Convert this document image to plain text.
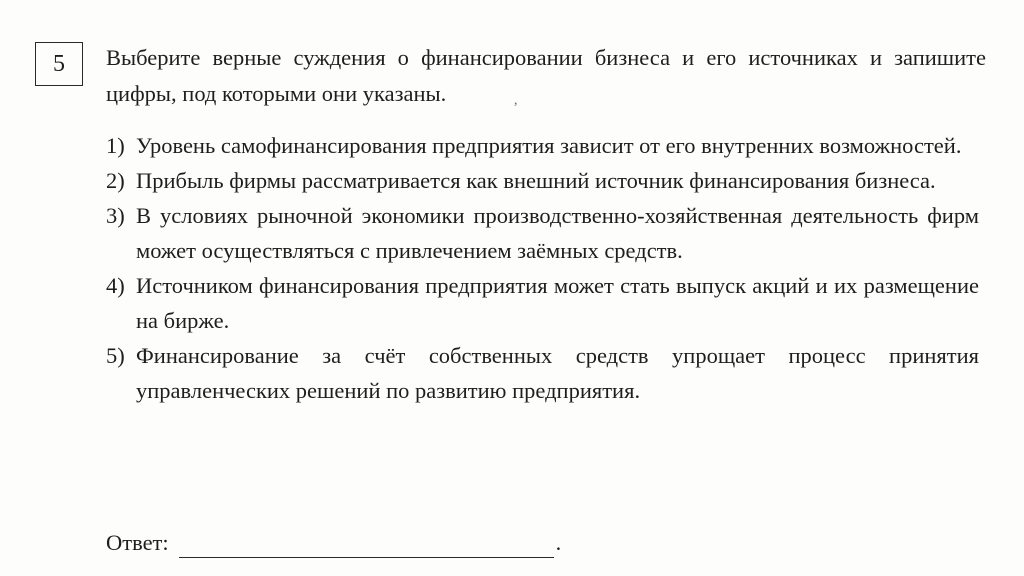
5
,
Выберите верные суждения о финансировании бизнеса и его источниках и запишите цифры, под которыми они указаны.
1) Уровень самофинансирования предприятия зависит от его внутренних возможностей.
2) Прибыль фирмы рассматривается как внешний источник финансирования бизнеса.
3) В условиях рыночной экономики производственно-хозяйственная деятельность фирм может осуществляться с привлечением заёмных средств.
4) Источником финансирования предприятия может стать выпуск акций и их размещение на бирже.
5) Финансирование за счёт собственных средств упрощает процесс принятия управленческих решений по развитию предприятия.
Ответ:	.
